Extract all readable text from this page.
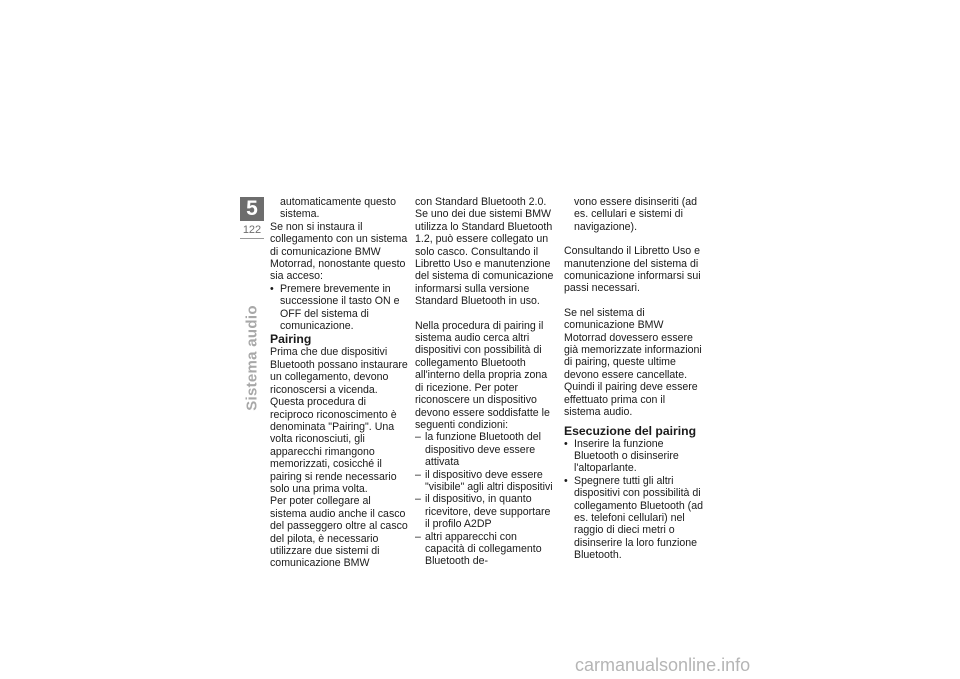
5
122
Sistema audio

automaticamente questo sistema.

Se non si instaura il collegamento con un sistema di comunicazione BMW Motorrad, nonostante questo sia acceso:

• Premere brevemente in successione il tasto ON e OFF del sistema di comunicazione.

Pairing

Prima che due dispositivi Bluetooth possano instaurare un collegamento, devono riconoscersi a vicenda. Questa procedura di reciproco riconoscimento è denominata "Pairing". Una volta riconosciuti, gli apparecchi rimangono memorizzati, cosicché il pairing si rende necessario solo una prima volta.

Per poter collegare al sistema audio anche il casco del passeggero oltre al casco del pilota, è necessario utilizzare due sistemi di comunicazione BMW

con Standard Bluetooth 2.0. Se uno dei due sistemi BMW utilizza lo Standard Bluetooth 1.2, può essere collegato un solo casco. Consultando il Libretto Uso e manutenzione del sistema di comunicazione informarsi sulla versione Standard Bluetooth in uso.

Nella procedura di pairing il sistema audio cerca altri dispositivi con possibilità di collegamento Bluetooth all'interno della propria zona di ricezione. Per poter riconoscere un dispositivo devono essere soddisfatte le seguenti condizioni:

– la funzione Bluetooth del dispositivo deve essere attivata

– il dispositivo deve essere "visibile" agli altri dispositivi

– il dispositivo, in quanto ricevitore, deve supportare il profilo A2DP

– altri apparecchi con capacità di collegamento Bluetooth de-

vono essere disinseriti (ad es. cellulari e sistemi di navigazione).

Consultando il Libretto Uso e manutenzione del sistema di comunicazione informarsi sui passi necessari.

Se nel sistema di comunicazione BMW Motorrad dovessero essere già memorizzate informazioni di pairing, queste ultime devono essere cancellate. Quindi il pairing deve essere effettuato prima con il sistema audio.

Esecuzione del pairing

• Inserire la funzione Bluetooth o disinserire l'altoparlante.

• Spegnere tutti gli altri dispositivi con possibilità di collegamento Bluetooth (ad es. telefoni cellulari) nel raggio di dieci metri o disinserire la loro funzione Bluetooth.

carmanualsonline.info
